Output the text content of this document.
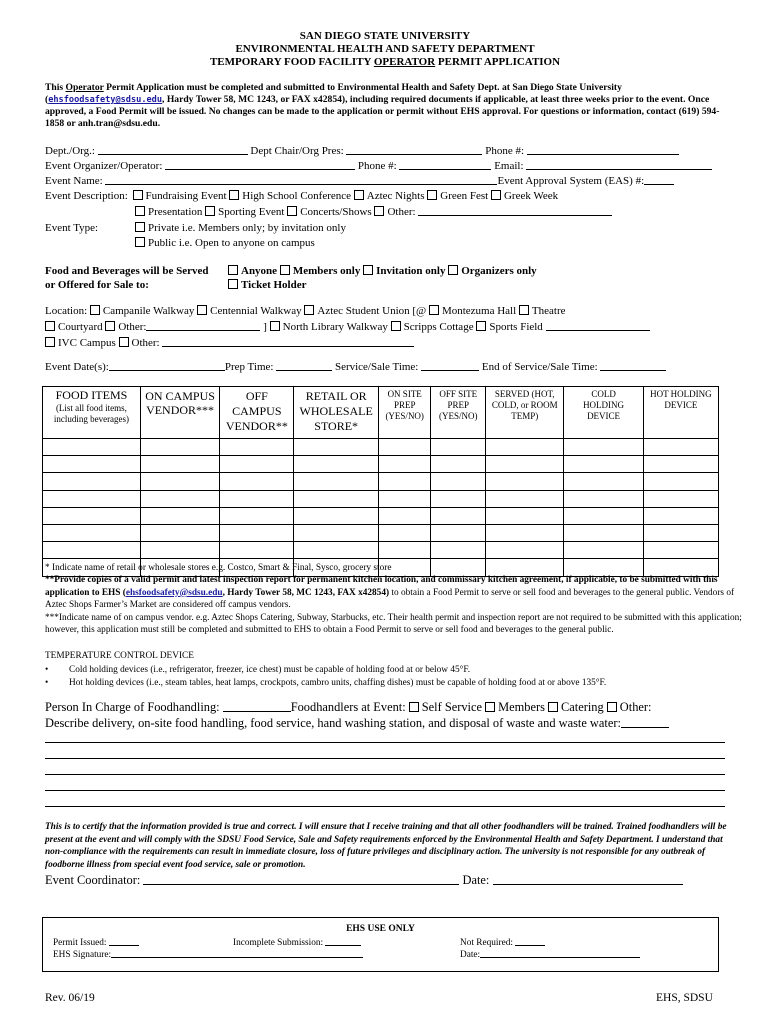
SAN DIEGO STATE UNIVERSITY
ENVIRONMENTAL HEALTH AND SAFETY DEPARTMENT
TEMPORARY FOOD FACILITY OPERATOR PERMIT APPLICATION
This Operator Permit Application must be completed and submitted to Environmental Health and Safety Dept. at San Diego State University (ehsfoodsafety@sdsu.edu, Hardy Tower 58, MC 1243, or FAX x42854), including required documents if applicable, at least three weeks prior to the event. Once approved, a Food Permit will be issued. No changes can be made to the application or permit without EHS approval. For questions or information, contact (619) 594-1858 or anh.tran@sdsu.edu.
Dept./Org.:	Dept Chair/Org Pres:	Phone #:
Event Organizer/Operator:	Phone #:	Email:
Event Name:	Event Approval System (EAS) #:
Event Description: Fundraising Event High School Conference Aztec Nights Green Fest Greek Week
Presentation Sporting Event Concerts/Shows Other:
Event Type:	Private i.e. Members only; by invitation only
Public i.e. Open to anyone on campus
Food and Beverages will be Served
or Offered for Sale to:
Anyone Members only Invitation only Organizers only
Ticket Holder
Location: Campanile Walkway Centennial Walkway Aztec Student Union [@ Montezuma Hall Theatre
Courtyard Other:	] North Library Walkway Scripps Cottage Sports Field
IVC Campus Other:
Event Date(s):	Prep Time:	Service/Sale Time:	End of Service/Sale Time:
FOOD ITEMS
(List all food items, including beverages)	ON CAMPUS VENDOR***	OFF CAMPUS VENDOR**	RETAIL OR WHOLESALE STORE*	ON SITE PREP (YES/NO)	OFF SITE PREP (YES/NO)	SERVED (HOT, COLD, or ROOM TEMP)	COLD HOLDING DEVICE	HOT HOLDING DEVICE

* Indicate name of retail or wholesale stores e.g. Costco, Smart & Final, Sysco, grocery store
**Provide copies of a valid permit and latest inspection report for permanent kitchen location, and commissary kitchen agreement, if applicable, to be submitted with this application to EHS (ehsfoodsafety@sdsu.edu, Hardy Tower 58, MC 1243, FAX x42854) to obtain a Food Permit to serve or sell food and beverages to the general public. Vendors of Aztec Shops Farmer’s Market are considered off campus vendors.
***Indicate name of on campus vendor. e.g. Aztec Shops Catering, Subway, Starbucks, etc. Their health permit and inspection report are not required to be submitted with this application; however, this application must still be completed and submitted to EHS to obtain a Food Permit to serve or sell food and beverages to the general public.
TEMPERATURE CONTROL DEVICE
• Cold holding devices (i.e., refrigerator, freezer, ice chest) must be capable of holding food at or below 45°F.
• Hot holding devices (i.e., steam tables, heat lamps, crockpots, cambro units, chaffing dishes) must be capable of holding food at or above 135°F.
Person In Charge of Foodhandling:	Foodhandlers at Event: Self Service Members Catering Other:
Describe delivery, on-site food handling, food service, hand washing station, and disposal of waste and waste water:
This is to certify that the information provided is true and correct. I will ensure that I receive training and that all other foodhandlers will be trained. Trained foodhandlers will be present at the event and will comply with the SDSU Food Service, Sale and Safety requirements enforced by the Environmental Health and Safety Department. I understand that non-compliance with the requirements can result in immediate closure, loss of future privileges and disciplinary action. The university is not responsible for any outbreak of foodborne illness from special event food service, sale or promotion.
Event Coordinator:	Date:
EHS USE ONLY
Permit Issued:	Incomplete Submission:	Not Required:
EHS Signature:	Date:
Rev. 06/19	EHS, SDSU
